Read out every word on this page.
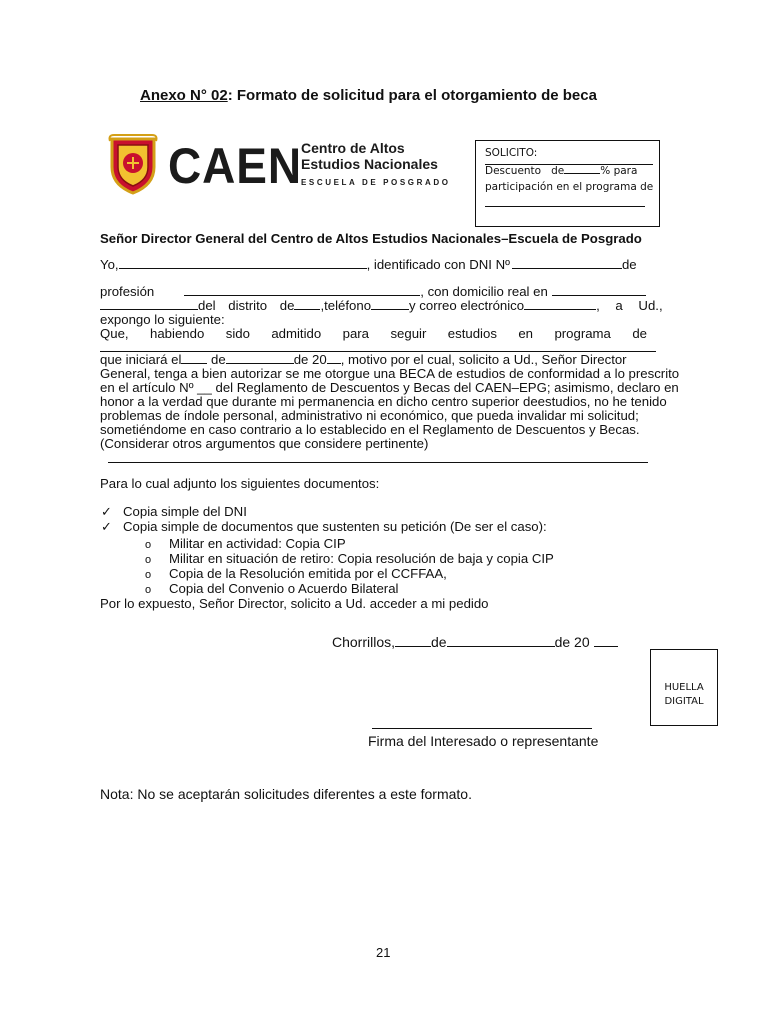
Anexo N° 02: Formato de solicitud para el otorgamiento de beca
CAEN
Centro de Altos
Estudios Nacionales
ESCUELA DE POSGRADO
SOLICITO:
Descuento de	% para
participación en el programa de
Señor Director General del Centro de Altos Estudios Nacionales–Escuela de Posgrado
Yo,	, identificado con DNI Nº	de
profesión	, con domicilio real en
del distrito de ,teléfono	y correo electrónico	, a Ud.,
expongo lo siguiente:
Que, habiendo sido admitido para seguir estudios en programa de
que iniciará el de	de 20 , motivo por el cual, solicito a Ud., Señor Director
General, tenga a bien autorizar se me otorgue una BECA de estudios de conformidad a lo prescrito
en el artículo Nº __ del Reglamento de Descuentos y Becas del CAEN–EPG; asimismo, declaro en
honor a la verdad que durante mi permanencia en dicho centro superior deestudios, no he tenido
problemas de índole personal, administrativo ni económico, que pueda invalidar mi solicitud;
sometiéndome en caso contrario a lo establecido en el Reglamento de Descuentos y Becas.
(Considerar otros argumentos que considere pertinente)
Para lo cual adjunto los siguientes documentos:
✓ Copia simple del DNI
✓ Copia simple de documentos que sustenten su petición (De ser el caso):
o Militar en actividad: Copia CIP
o Militar en situación de retiro: Copia resolución de baja y copia CIP
o Copia de la Resolución emitida por el CCFFAA,
o Copia del Convenio o Acuerdo Bilateral
Por lo expuesto, Señor Director, solicito a Ud. acceder a mi pedido
Chorrillos,	de	de 20
HUELLA
DIGITAL
Firma del Interesado o representante
Nota: No se aceptarán solicitudes diferentes a este formato.
21
